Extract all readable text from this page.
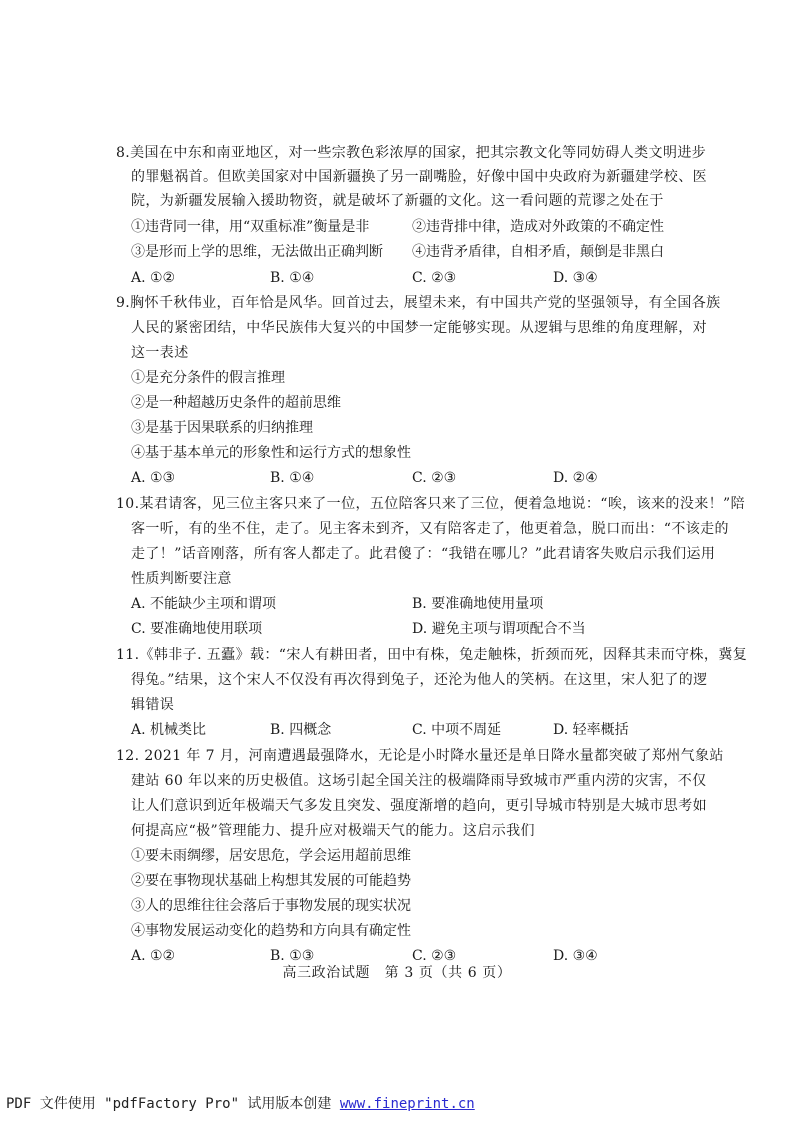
8.美国在中东和南亚地区，对一些宗教色彩浓厚的国家，把其宗教文化等同妨碍人类文明进步
的罪魁祸首。但欧美国家对中国新疆换了另一副嘴脸，好像中国中央政府为新疆建学校、医
院，为新疆发展输入援助物资，就是破坏了新疆的文化。这一看问题的荒谬之处在于
①违背同一律，用“双重标准”衡量是非	②违背排中律，造成对外政策的不确定性
③是形而上学的思维，无法做出正确判断 ④违背矛盾律，自相矛盾，颠倒是非黑白
A. ①②	B. ①④	C. ②③	D. ③④
9.胸怀千秋伟业，百年恰是风华。回首过去，展望未来，有中国共产党的坚强领导，有全国各族
人民的紧密团结，中华民族伟大复兴的中国梦一定能够实现。从逻辑与思维的角度理解，对
这一表述
①是充分条件的假言推理
②是一种超越历史条件的超前思维
③是基于因果联系的归纳推理
④基于基本单元的形象性和运行方式的想象性
A. ①③	B. ①④	C. ②③	D. ②④
10.某君请客，见三位主客只来了一位，五位陪客只来了三位，便着急地说：“唉，该来的没来！”陪
客一听，有的坐不住，走了。见主客未到齐，又有陪客走了，他更着急，脱口而出：“不该走的
走了！”话音刚落，所有客人都走了。此君傻了：“我错在哪儿？”此君请客失败启示我们运用
性质判断要注意
A. 不能缺少主项和谓项	B. 要准确地使用量项
C. 要准确地使用联项	D. 避免主项与谓项配合不当
11.《韩非子. 五蠹》载：“宋人有耕田者，田中有株，兔走触株，折颈而死，因释其耒而守株，冀复
得兔。”结果，这个宋人不仅没有再次得到兔子，还沦为他人的笑柄。在这里，宋人犯了的逻
辑错误
A. 机械类比	B. 四概念	C. 中项不周延	D. 轻率概括
12. 2021 年 7 月，河南遭遇最强降水，无论是小时降水量还是单日降水量都突破了郑州气象站
建站 60 年以来的历史极值。这场引起全国关注的极端降雨导致城市严重内涝的灾害，不仅
让人们意识到近年极端天气多发且突发、强度渐增的趋向，更引导城市特别是大城市思考如
何提高应“极”管理能力、提升应对极端天气的能力。这启示我们
①要未雨绸缪，居安思危，学会运用超前思维
②要在事物现状基础上构想其发展的可能趋势
③人的思维往往会落后于事物发展的现实状况
④事物发展运动变化的趋势和方向具有确定性
A. ①②	B. ①③	C. ②③	D. ③④
高三政治试题　第 3 页（共 6 页）
PDF 文件使用 "pdfFactory Pro" 试用版本创建 www.fineprint.cn
